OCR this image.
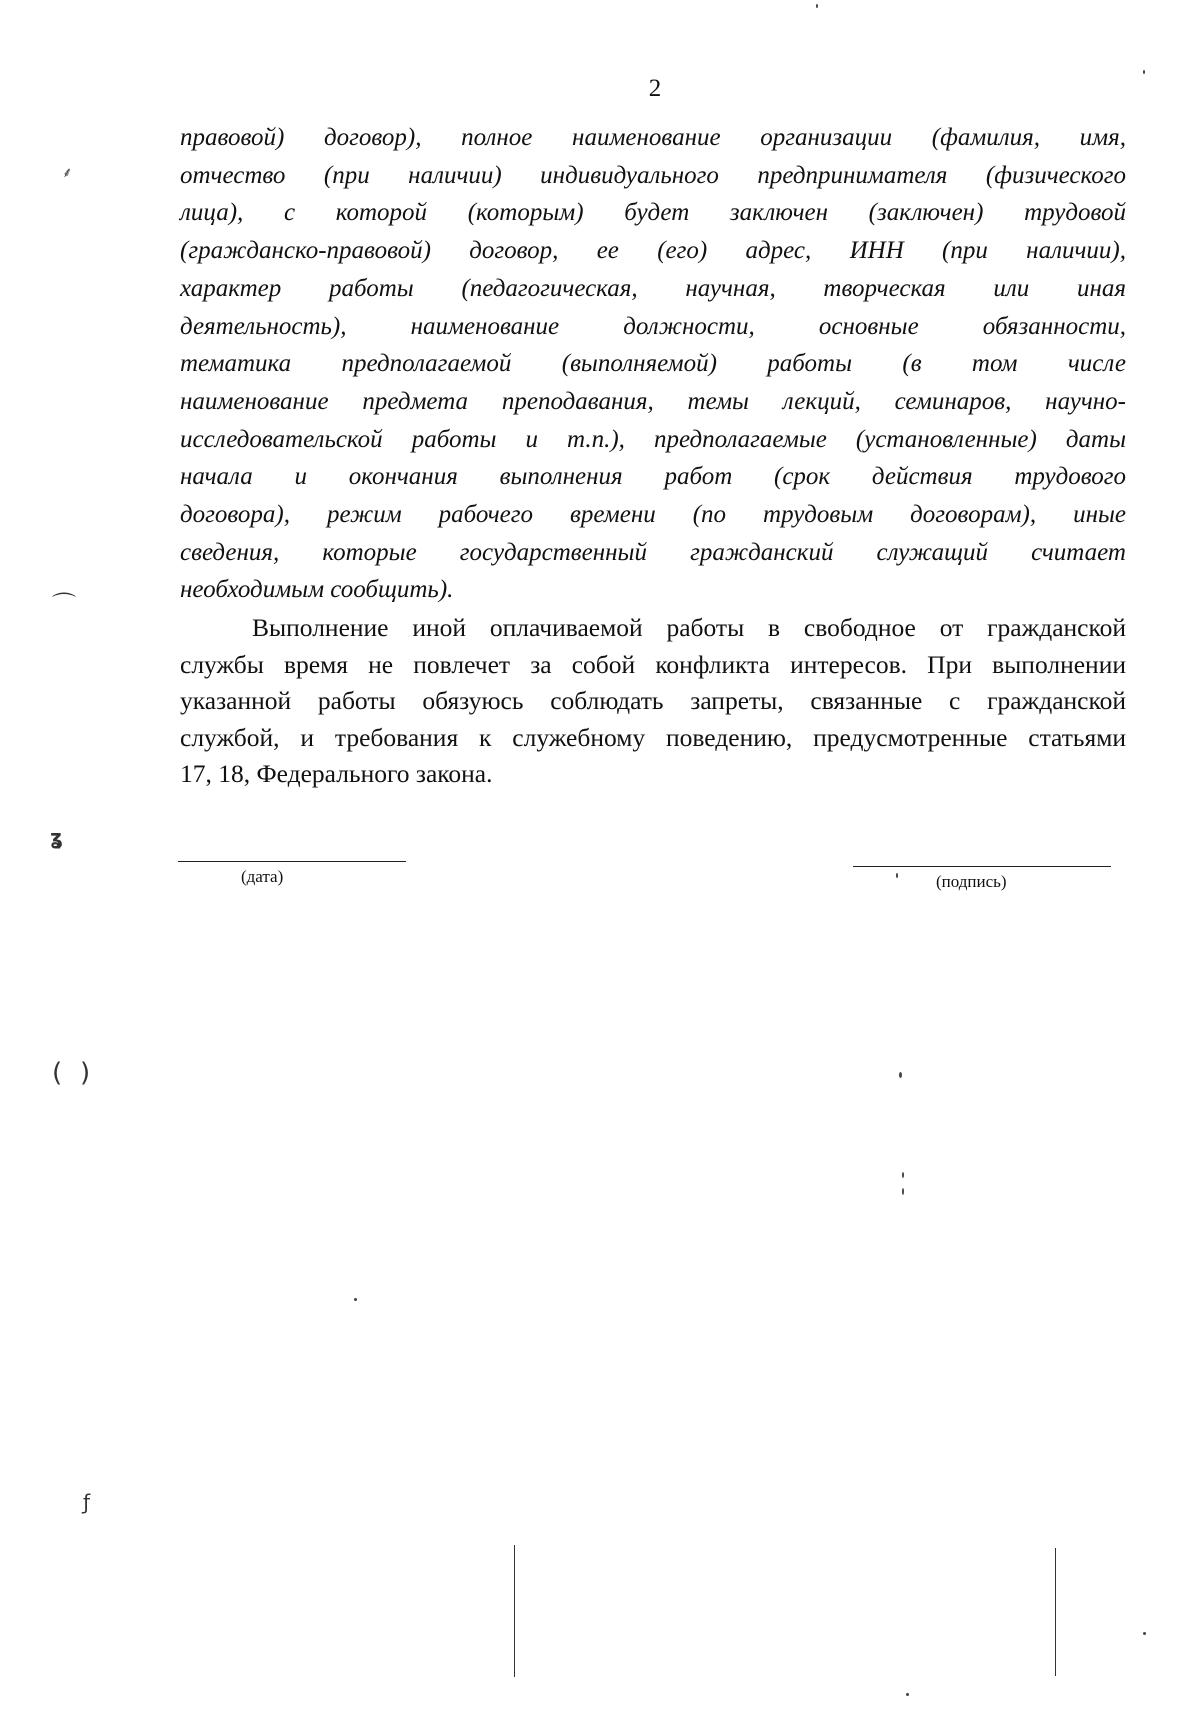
2
правовой) договор), полное наименование организации (фамилия, имя,
отчество (при наличии) индивидуального предпринимателя (физического
лица), с которой (которым) будет заключен (заключен) трудовой
(гражданско-правовой) договор, ее (его) адрес, ИНН (при наличии),
характер работы (педагогическая, научная, творческая или иная
деятельность), наименование должности, основные обязанности,
тематика предполагаемой (выполняемой) работы (в том числе
наименование предмета преподавания, темы лекций, семинаров, научно-
исследовательской работы и т.п.), предполагаемые (установленные) даты
начала и окончания выполнения работ (срок действия трудового
договора), режим рабочего времени (по трудовым договорам), иные
сведения, которые государственный гражданский служащий считает
необходимым сообщить).
Выполнение иной оплачиваемой работы в свободное от гражданской
службы время не повлечет за собой конфликта интересов. При выполнении
указанной работы обязуюсь соблюдать запреты, связанные с гражданской
службой, и требования к служебному поведению, предусмотренные статьями
17, 18, Федерального закона.
(дата)	(подпись)
⌒
( )
ʓ
⸙
ƒ
